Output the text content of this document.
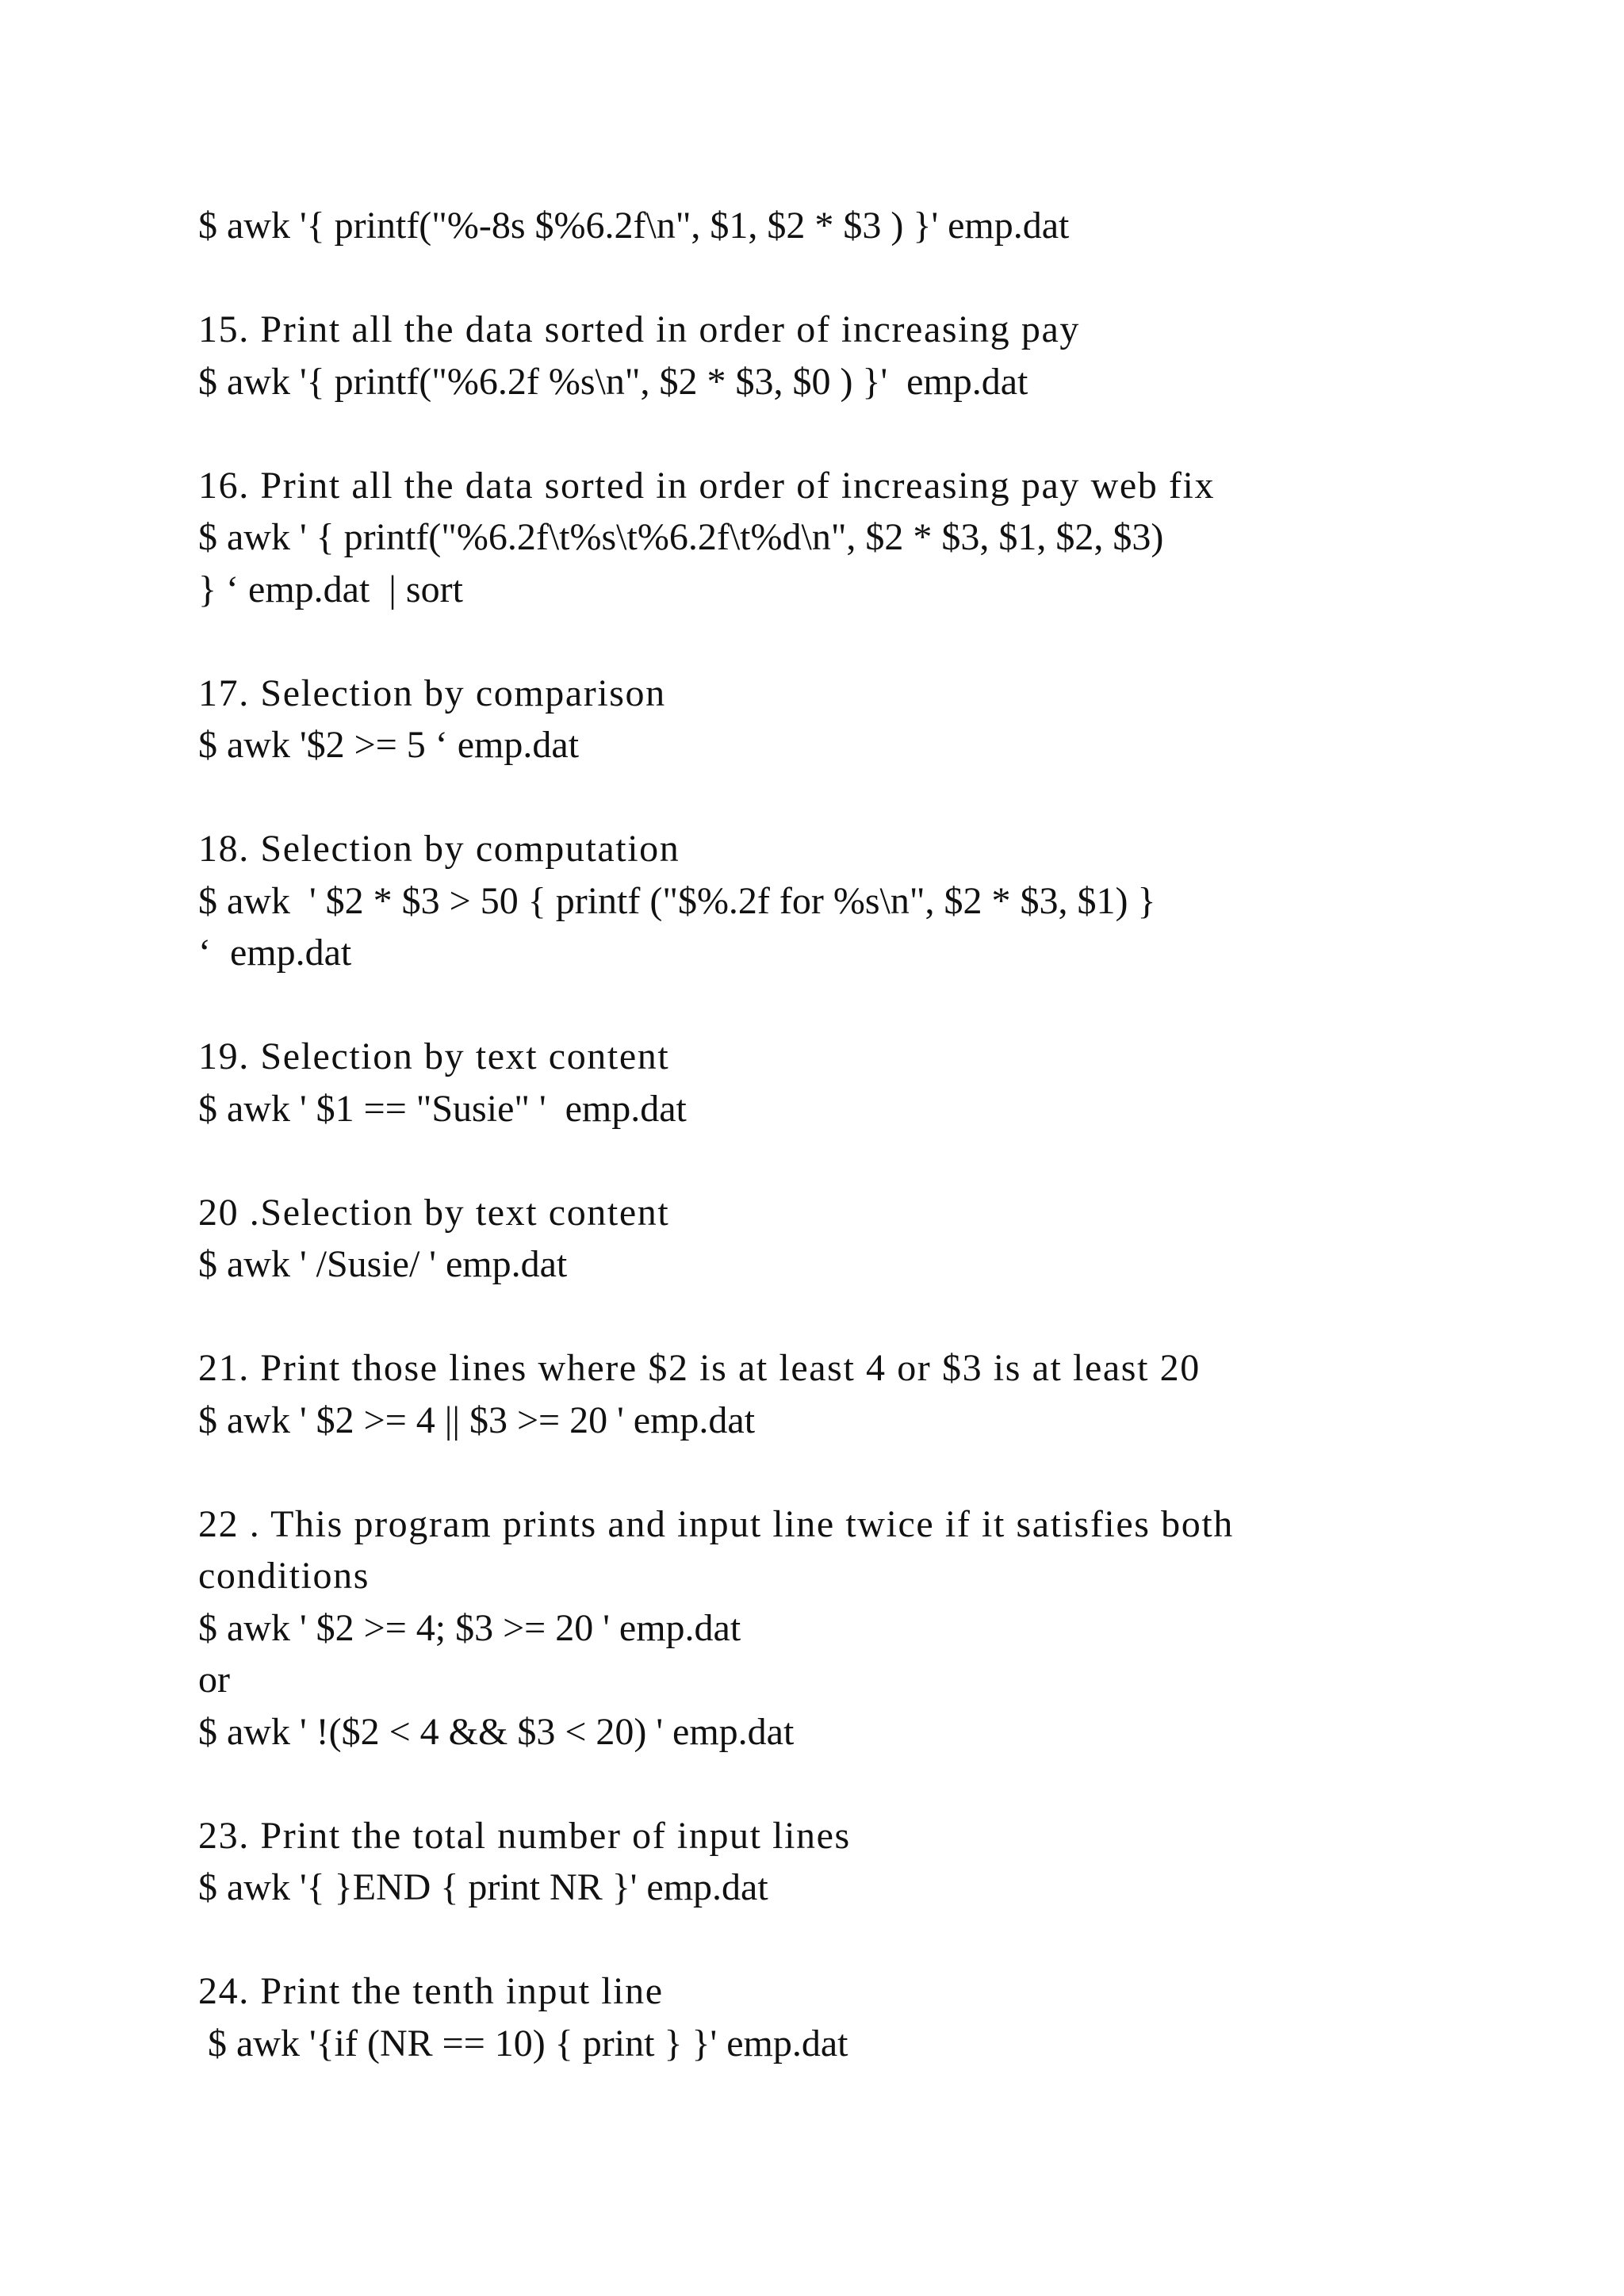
$ awk '{ printf("%-8s $%6.2f\n", $1, $2 * $3 ) }' emp.dat
15. Print all the data sorted in order of increasing pay
$ awk '{ printf("%6.2f %s\n", $2 * $3, $0 ) }'  emp.dat
16. Print all the data sorted in order of increasing pay web fix
$ awk ' { printf("%6.2f\t%s\t%6.2f\t%d\n", $2 * $3, $1, $2, $3)
} ‘ emp.dat  | sort
17. Selection by comparison
$ awk '$2 >= 5 ‘ emp.dat
18. Selection by computation
$ awk  ' $2 * $3 > 50 { printf ("$%.2f for %s\n", $2 * $3, $1) }
‘  emp.dat
19. Selection by text content
$ awk ' $1 == "Susie" '  emp.dat
20 .Selection by text content
$ awk ' /Susie/ ' emp.dat
21. Print those lines where $2 is at least 4 or $3 is at least 20
$ awk ' $2 >= 4 || $3 >= 20 ' emp.dat
22 . This program prints and input line twice if it satisfies both
conditions
$ awk ' $2 >= 4; $3 >= 20 ' emp.dat
or
$ awk ' !($2 < 4 && $3 < 20) ' emp.dat
23. Print the total number of input lines
$ awk '{ }END { print NR }' emp.dat
24. Print the tenth input line
$ awk '{if (NR == 10) { print } }' emp.dat
